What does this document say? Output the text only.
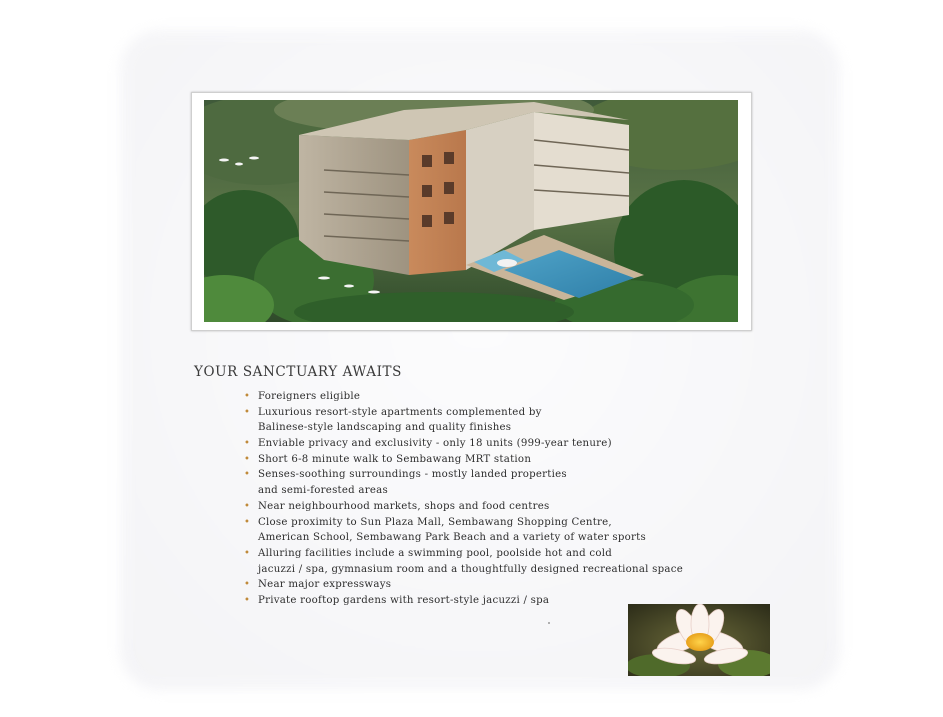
YOUR SANCTUARY AWAITS
• Foreigners eligible
• Luxurious resort-style apartments complemented by
Balinese-style landscaping and quality finishes
• Enviable privacy and exclusivity - only 18 units (999-year tenure)
• Short 6-8 minute walk to Sembawang MRT station
• Senses-soothing surroundings - mostly landed properties
and semi-forested areas
• Near neighbourhood markets, shops and food centres
• Close proximity to Sun Plaza Mall, Sembawang Shopping Centre,
American School, Sembawang Park Beach and a variety of water sports
• Alluring facilities include a swimming pool, poolside hot and cold
jacuzzi / spa, gymnasium room and a thoughtfully designed recreational space
• Near major expressways
• Private rooftop gardens with resort-style jacuzzi / spa
